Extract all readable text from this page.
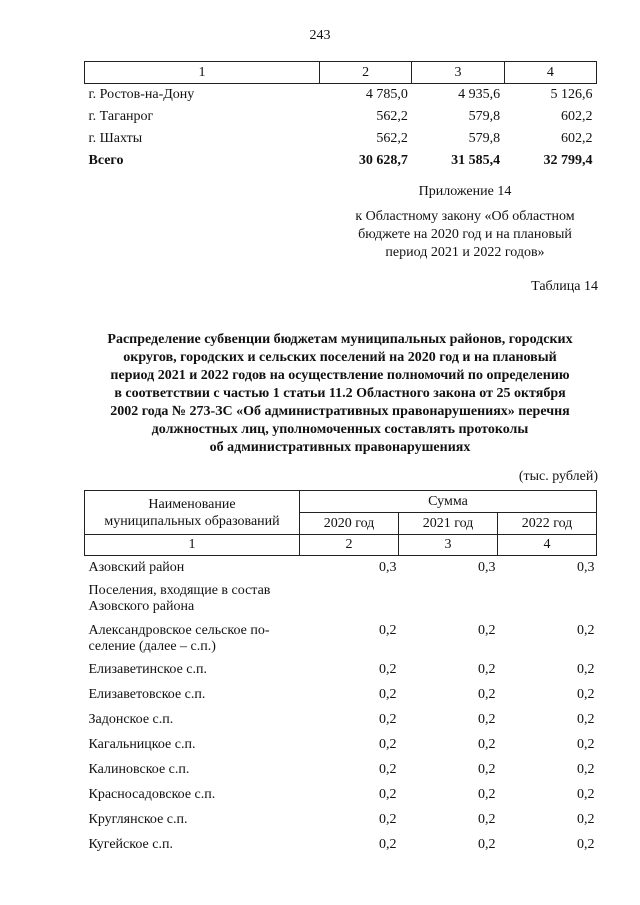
243
1	2	3	4
г. Ростов-на-Дону	4 785,0	4 935,6	5 126,6
г. Таганрог	562,2	579,8	602,2
г. Шахты	562,2	579,8	602,2
Всего	30 628,7	31 585,4	32 799,4
Приложение 14
к Областному закону «Об областном
бюджете на 2020 год и на плановый
период 2021 и 2022 годов»
Таблица 14
Распределение субвенции бюджетам муниципальных районов, городских
округов, городских и сельских поселений на 2020 год и на плановый
период 2021 и 2022 годов на осуществление полномочий по определению
в соответствии с частью 1 статьи 11.2 Областного закона от 25 октября
2002 года № 273-ЗС «Об административных правонарушениях» перечня
должностных лиц, уполномоченных составлять протоколы
об административных правонарушениях
(тыс. рублей)
Наименование
муниципальных образований	Сумма		
	2020 год	2021 год	2022 год
1	2	3	4
Азовский район	0,3	0,3	0,3
Поселения, входящие в состав Азовского района			
Александровское сельское по-селение (далее – с.п.)	0,2	0,2	0,2
Елизаветинское с.п.	0,2	0,2	0,2
Елизаветовское с.п.	0,2	0,2	0,2
Задонское с.п.	0,2	0,2	0,2
Кагальницкое с.п.	0,2	0,2	0,2
Калиновское с.п.	0,2	0,2	0,2
Красносадовское с.п.	0,2	0,2	0,2
Круглянское с.п.	0,2	0,2	0,2
Кугейское с.п.	0,2	0,2	0,2
